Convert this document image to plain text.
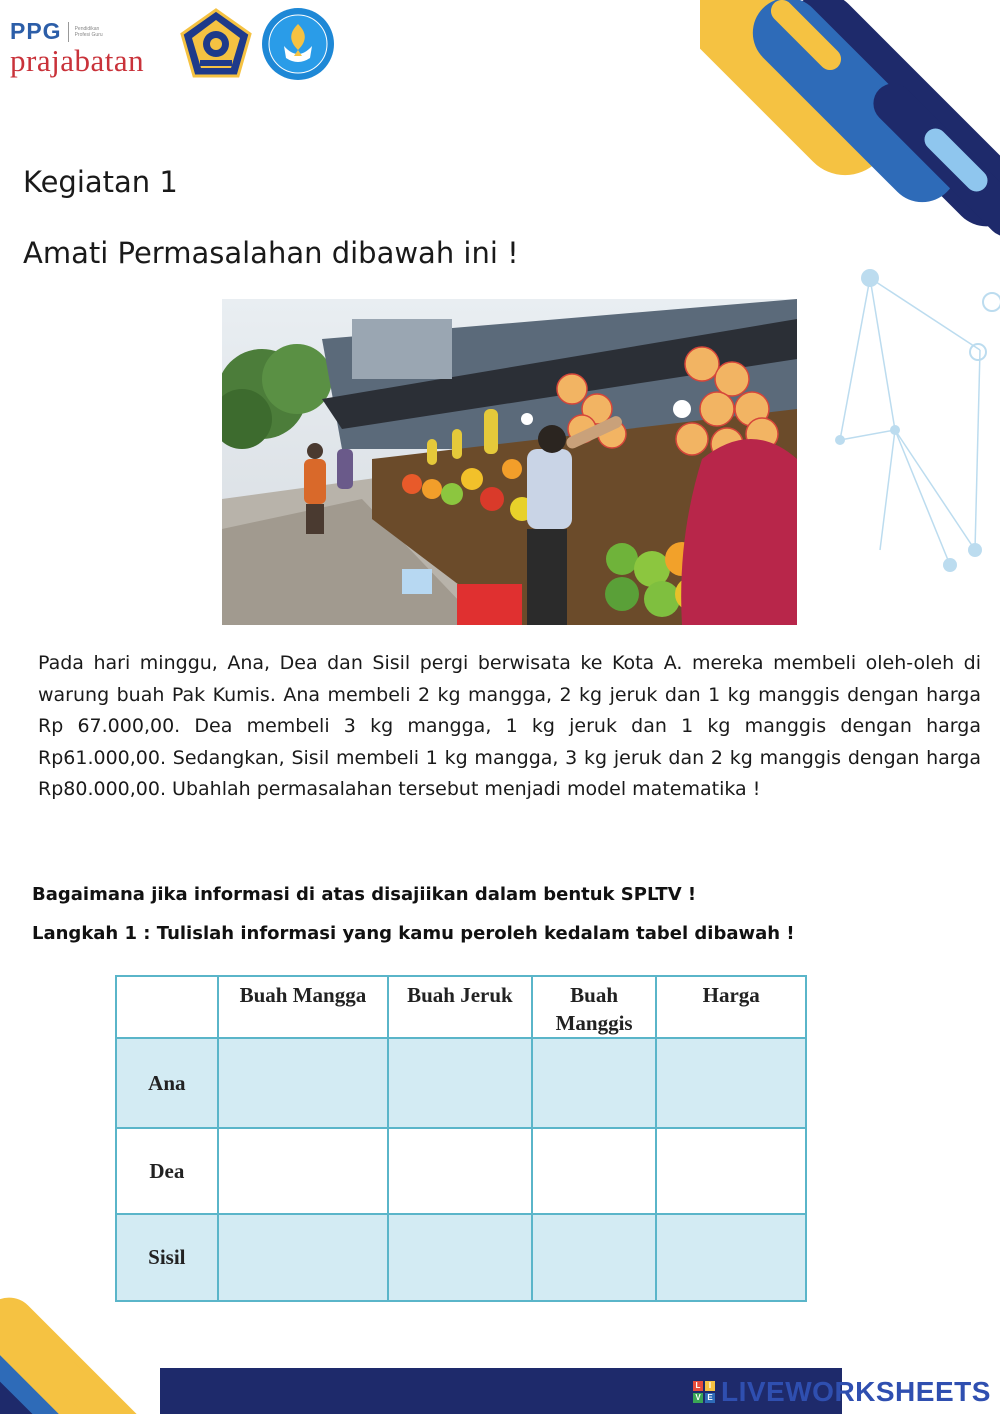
PPG	Pendidikan Profesi Guru
prajabatan
Kegiatan 1
Amati Permasalahan dibawah ini !

Pada hari minggu, Ana, Dea dan Sisil pergi berwisata ke Kota A. mereka membeli oleh-oleh di warung buah Pak Kumis. Ana membeli 2 kg mangga, 2 kg jeruk dan 1 kg manggis dengan harga Rp 67.000,00. Dea membeli 3 kg mangga, 1 kg jeruk dan 1 kg manggis dengan harga Rp61.000,00. Sedangkan, Sisil membeli 1 kg mangga, 3 kg jeruk dan 2 kg manggis dengan harga Rp80.000,00. Ubahlah permasalahan tersebut menjadi model matematika !

Bagaimana jika informasi di atas disajiikan dalam bentuk SPLTV !

Langkah 1 : Tulislah informasi yang kamu peroleh kedalam tabel dibawah !

	Buah Mangga	Buah Jeruk	Buah Manggis	Harga
Ana				
Dea				
Sisil				
L	I
V E LIVEWORKSHEETS
